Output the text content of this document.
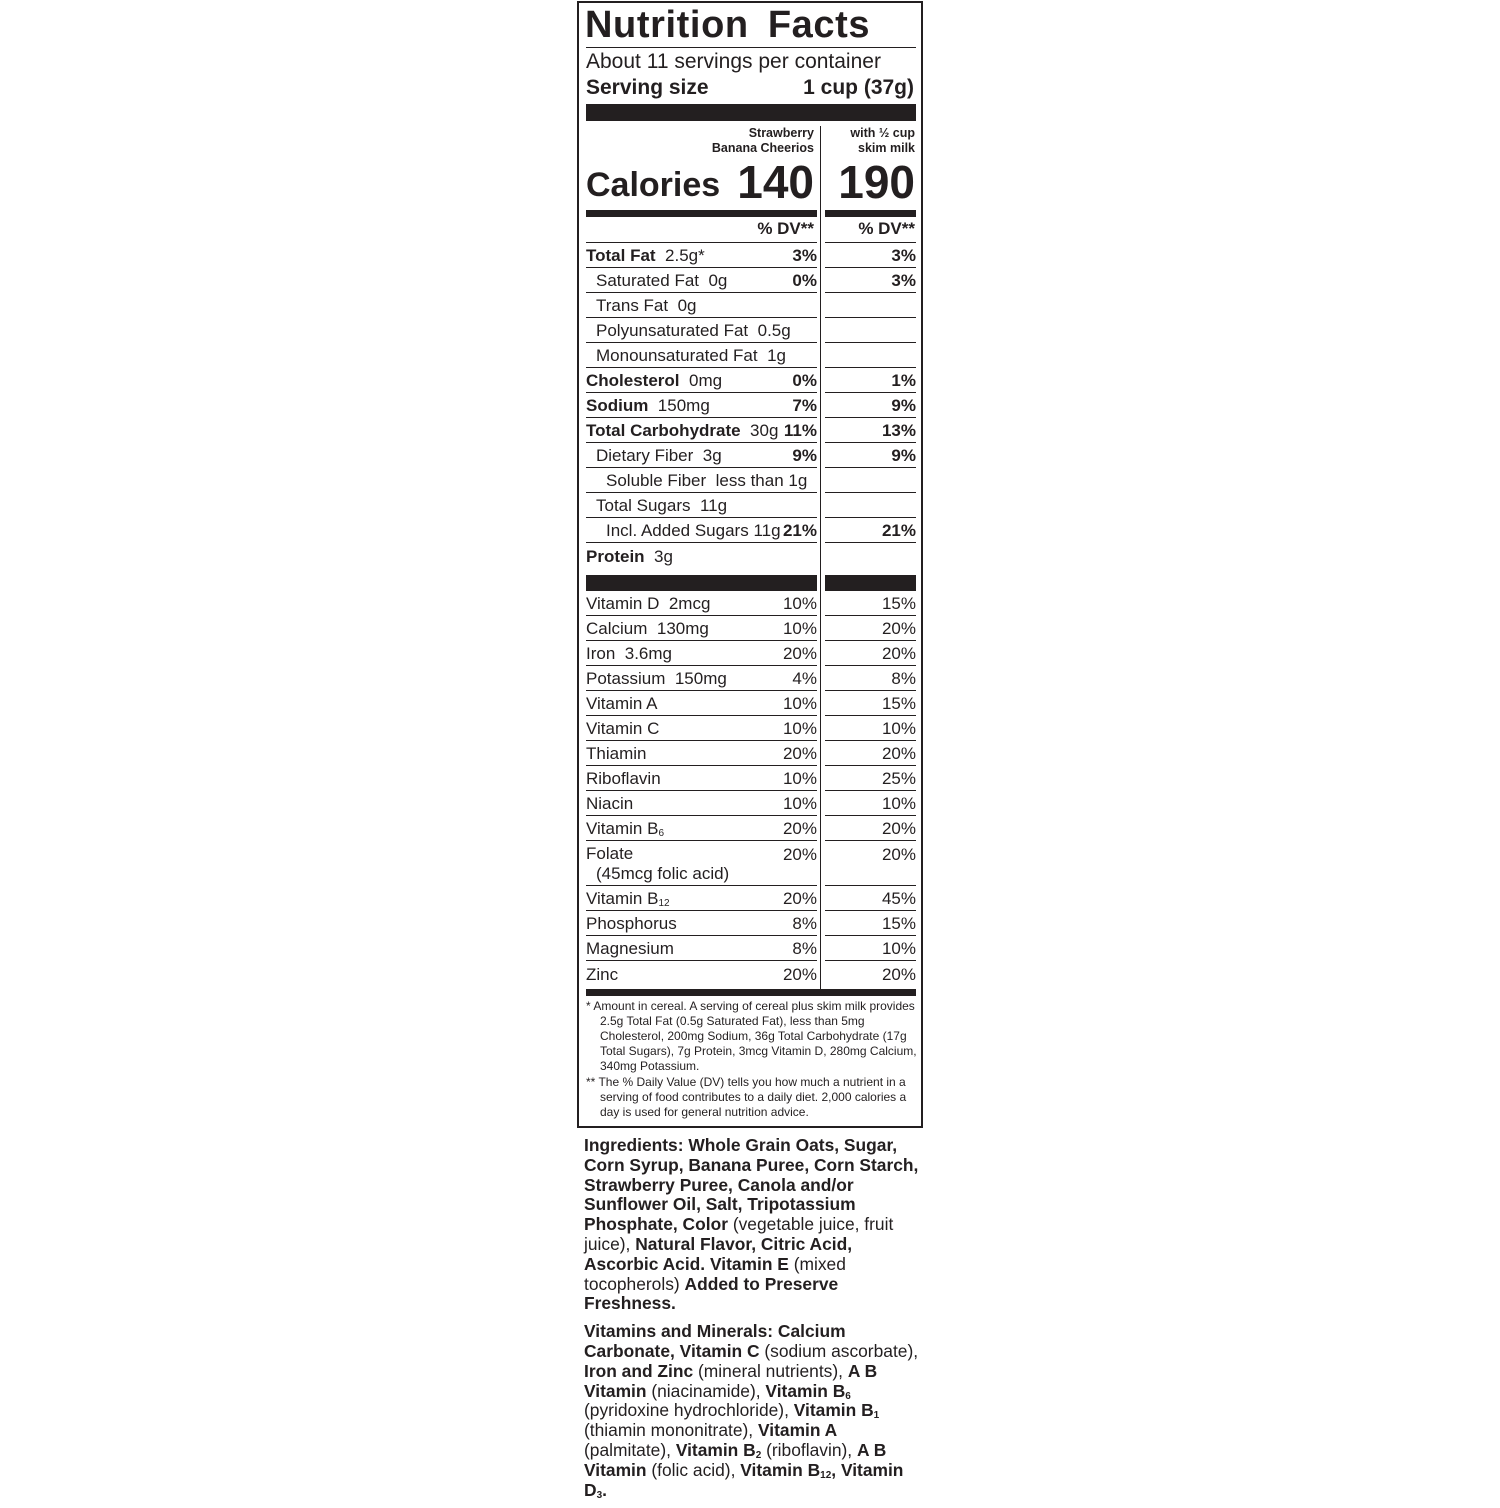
Nutrition Facts
About 11 servings per container
Serving size	1 cup (37g)
Strawberry
Banana Cheerios
with ½ cup
skim milk
Calories 140 190
% DV**	% DV**
Total Fat 2.5g*	3%	3%
Saturated Fat 0g	0%	3%
Trans Fat 0g
Polyunsaturated Fat 0.5g
Monounsaturated Fat 1g
Cholesterol 0mg	0%	1%
Sodium 150mg	7%	9%
Total Carbohydrate 30g 11%	13%
Dietary Fiber 3g	9%	9%
Soluble Fiber less than 1g
Total Sugars 11g
Incl. Added Sugars 11g 21%	21%
Protein 3g
Vitamin D 2mcg	10%	15%
Calcium 130mg	10%	20%
Iron 3.6mg	20%	20%
Potassium 150mg	4%	8%
Vitamin A	10%	15%
Vitamin C	10%	10%
Thiamin	20%	20%
Riboflavin	10%	25%
Niacin	10%	10%
Vitamin $B_6$	20%	20%
Folate
(45mcg folic acid)
20%	20%
Vitamin $B_{12}$	20%	45%
Phosphorus	8%	15%
Magnesium	8%	10%
Zinc	20%	20%
* Amount in cereal. A serving of cereal plus skim milk provides 2.5g Total Fat (0.5g Saturated Fat), less than 5mg Cholesterol, 200mg Sodium, 36g Total Carbohydrate (17g Total Sugars), 7g Protein, 3mcg Vitamin D, 280mg Calcium, 340mg Potassium.
** The % Daily Value (DV) tells you how much a nutrient in a serving of food contributes to a daily diet. 2,000 calories a day is used for general nutrition advice.

Ingredients: Whole Grain Oats, Sugar, Corn Syrup, Banana Puree, Corn Starch, Strawberry Puree, Canola and/or Sunflower Oil, Salt, Tripotassium Phosphate, Color (vegetable juice, fruit juice), Natural Flavor, Citric Acid, Ascorbic Acid. Vitamin E (mixed tocopherols) Added to Preserve Freshness.

Vitamins and Minerals: Calcium Carbonate, Vitamin C (sodium ascorbate), Iron and Zinc (mineral nutrients), A B Vitamin (niacinamide), Vitamin $B_6$ (pyridoxine hydrochloride), Vitamin $B_1$ (thiamin mononitrate), Vitamin A (palmitate), Vitamin $B_2$ (riboflavin), A B Vitamin (folic acid), Vitamin $B_{12}$, Vitamin $D_3$.
